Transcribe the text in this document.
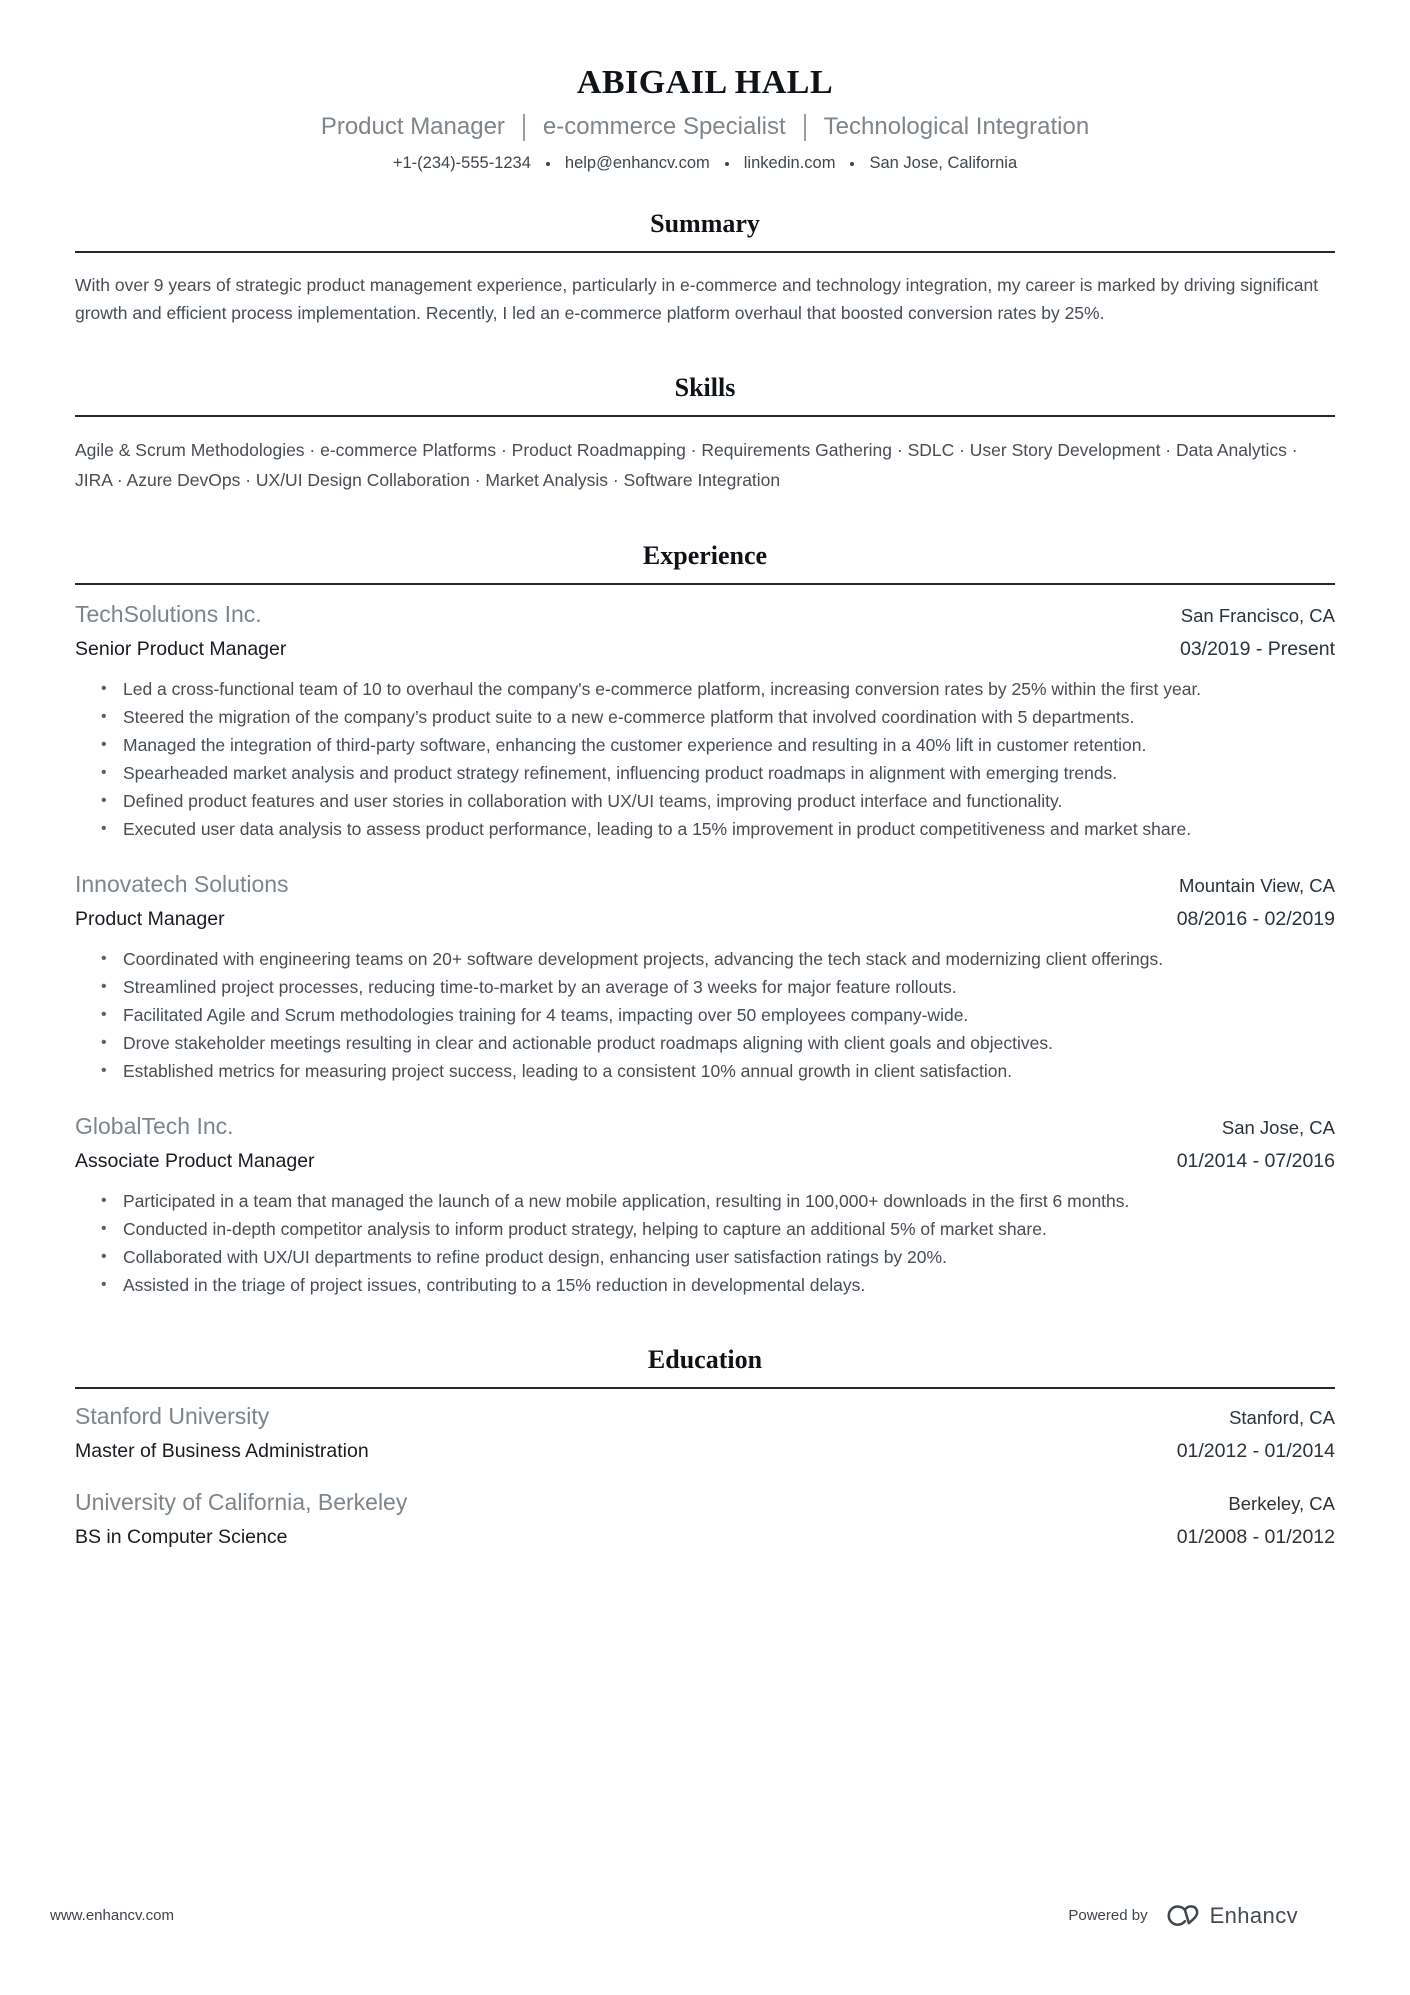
ABIGAIL HALL
Product Manager e-commerce Specialist Technological Integration
+1-(234)-555-1234 help@enhancv.com linkedin.com San Jose, California
Summary

With over 9 years of strategic product management experience, particularly in e-commerce and technology integration, my career is marked by driving significant growth and efficient process implementation. Recently, I led an e-commerce platform overhaul that boosted conversion rates by 25%.

Skills

Agile & Scrum Methodologies · e-commerce Platforms · Product Roadmapping · Requirements Gathering · SDLC · User Story Development · Data Analytics · JIRA · Azure DevOps · UX/UI Design Collaboration · Market Analysis · Software Integration

Experience
TechSolutions Inc.	San Francisco, CA
Senior Product Manager	03/2019 - Present
• Led a cross-functional team of 10 to overhaul the company's e-commerce platform, increasing conversion rates by 25% within the first year.
• Steered the migration of the company’s product suite to a new e-commerce platform that involved coordination with 5 departments.
• Managed the integration of third-party software, enhancing the customer experience and resulting in a 40% lift in customer retention.
• Spearheaded market analysis and product strategy refinement, influencing product roadmaps in alignment with emerging trends.
• Defined product features and user stories in collaboration with UX/UI teams, improving product interface and functionality.
• Executed user data analysis to assess product performance, leading to a 15% improvement in product competitiveness and market share.
Innovatech Solutions	Mountain View, CA
Product Manager	08/2016 - 02/2019
• Coordinated with engineering teams on 20+ software development projects, advancing the tech stack and modernizing client offerings.
• Streamlined project processes, reducing time-to-market by an average of 3 weeks for major feature rollouts.
• Facilitated Agile and Scrum methodologies training for 4 teams, impacting over 50 employees company-wide.
• Drove stakeholder meetings resulting in clear and actionable product roadmaps aligning with client goals and objectives.
• Established metrics for measuring project success, leading to a consistent 10% annual growth in client satisfaction.
GlobalTech Inc.	San Jose, CA
Associate Product Manager	01/2014 - 07/2016
• Participated in a team that managed the launch of a new mobile application, resulting in 100,000+ downloads in the first 6 months.
• Conducted in-depth competitor analysis to inform product strategy, helping to capture an additional 5% of market share.
• Collaborated with UX/UI departments to refine product design, enhancing user satisfaction ratings by 20%.
• Assisted in the triage of project issues, contributing to a 15% reduction in developmental delays.
Education
Stanford University	Stanford, CA
Master of Business Administration	01/2012 - 01/2014
University of California, Berkeley	Berkeley, CA
BS in Computer Science	01/2008 - 01/2012
www.enhancv.com	Powered by	Enhancv
